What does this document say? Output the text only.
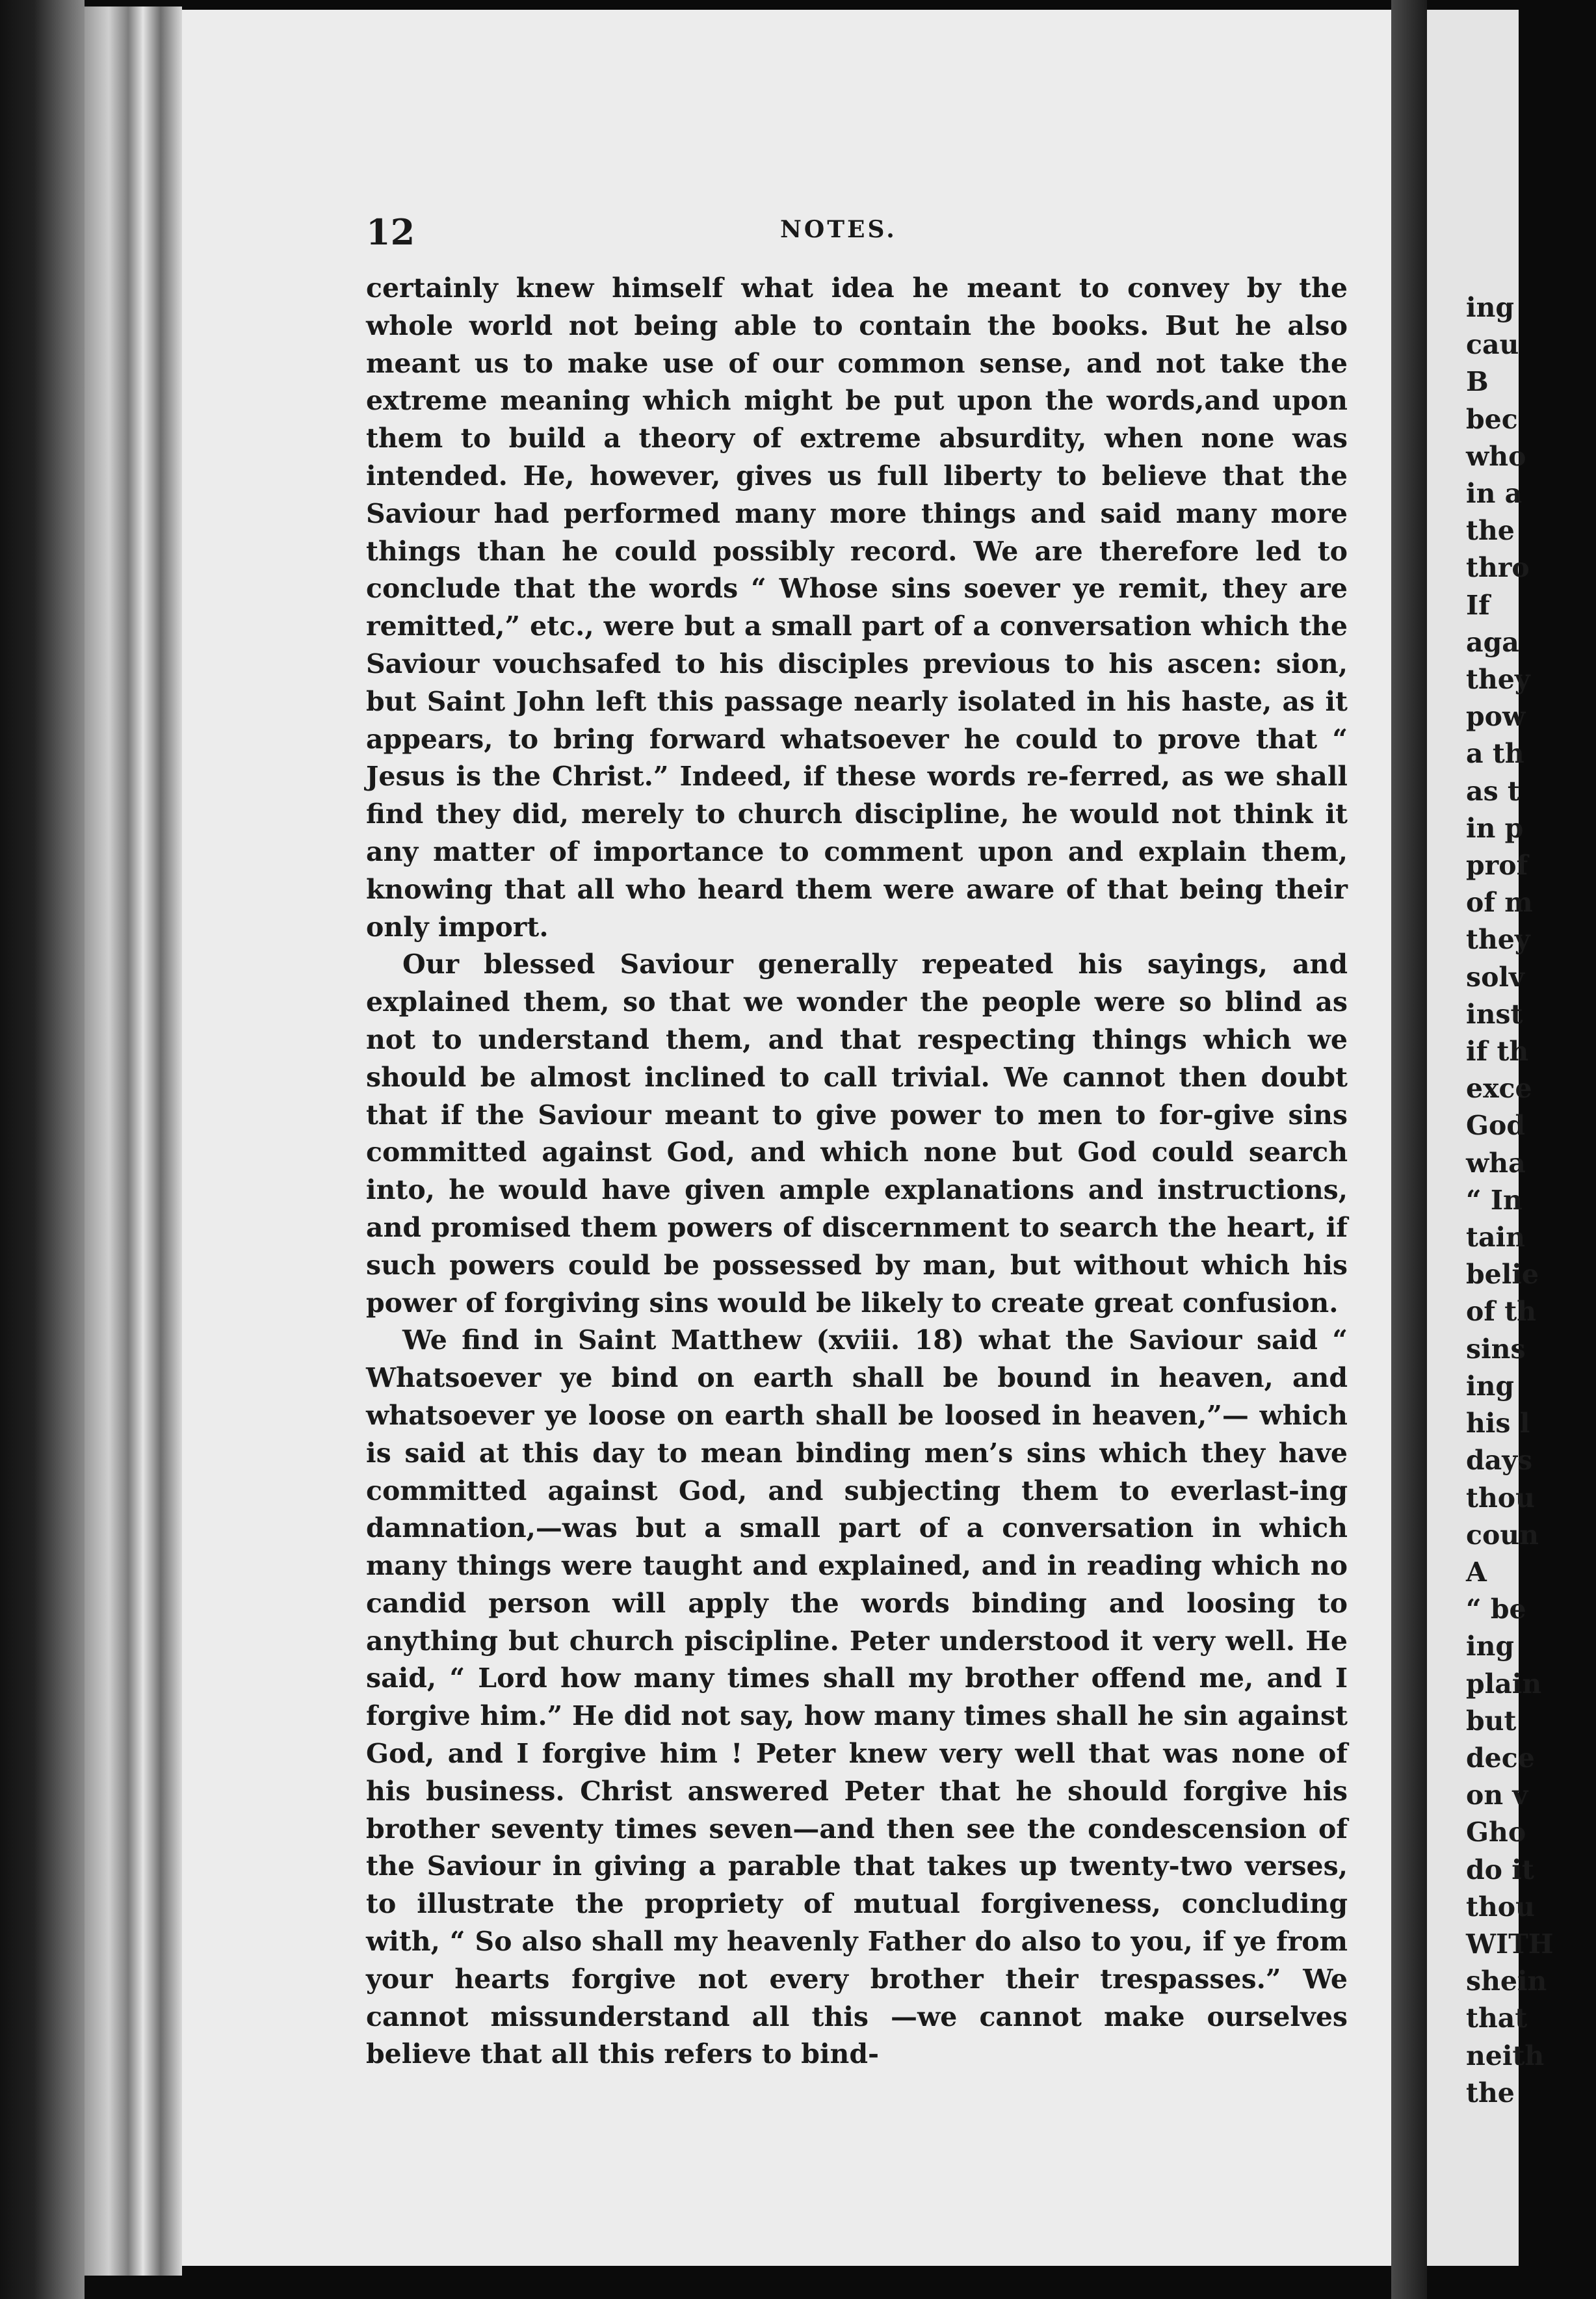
12	NOTES.

certainly knew himself what idea he meant to convey by the whole world not being able to contain the books. But he also meant us to make use of our common sense, and not take the extreme meaning which might be put upon the words,and upon them to build a theory of extreme absurdity, when none was intended. He, however, gives us full liberty to believe that the Saviour had performed many more things and said many more things than he could possibly record. We are therefore led to conclude that the words “ Whose sins soever ye remit, they are remitted,” etc., were but a small part of a conversation which the Saviour vouchsafed to his disciples previous to his ascen: sion, but Saint John left this passage nearly isolated in his haste, as it appears, to bring forward whatsoever he could to prove that “ Jesus is the Christ.” Indeed, if these words re-ferred, as we shall find they did, merely to church discipline, he would not think it any matter of importance to comment upon and explain them, knowing that all who heard them were aware of that being their only import.

Our blessed Saviour generally repeated his sayings, and explained them, so that we wonder the people were so blind as not to understand them, and that respecting things which we should be almost inclined to call trivial. We cannot then doubt that if the Saviour meant to give power to men to for-give sins committed against God, and which none but God could search into, he would have given ample explanations and instructions, and promised them powers of discernment to search the heart, if such powers could be possessed by man, but without which his power of forgiving sins would be likely to create great confusion.

We find in Saint Matthew (xviii. 18) what the Saviour said “ Whatsoever ye bind on earth shall be bound in heaven, and whatsoever ye loose on earth shall be loosed in heaven,”— which is said at this day to mean binding men’s sins which they have committed against God, and subjecting them to everlast-ing damnation,—was but a small part of a conversation in which many things were taught and explained, and in reading which no candid person will apply the words binding and loosing to anything but church piscipline. Peter understood it very well. He said, “ Lord how many times shall my brother offend me, and I forgive him.” He did not say, how many times shall he sin against God, and I forgive him ! Peter knew very well that was none of his business. Christ answered Peter that he should forgive his brother seventy times seven—and then see the condescension of the Saviour in giving a parable that takes up twenty-two verses, to illustrate the propriety of mutual forgiveness, concluding with, “ So also shall my heavenly Father do also to you, if ye from your hearts forgive not every brother their trespasses.” We cannot missunderstand all this —we cannot make ourselves believe that all this refers to bind-

ing
cau
B
bec
who
in a
the
thro
If
aga
they
pow
a th
as t
in p
prof
of m
they
solv
inst
if th
exce
God
wha
“ In
tain
belie
of th
sins
ing
his l
days
thou
coun
A
“ be
ing
plain
but
dece
on v
Gho
do it
thou
WITH
shein
that
neith
the
